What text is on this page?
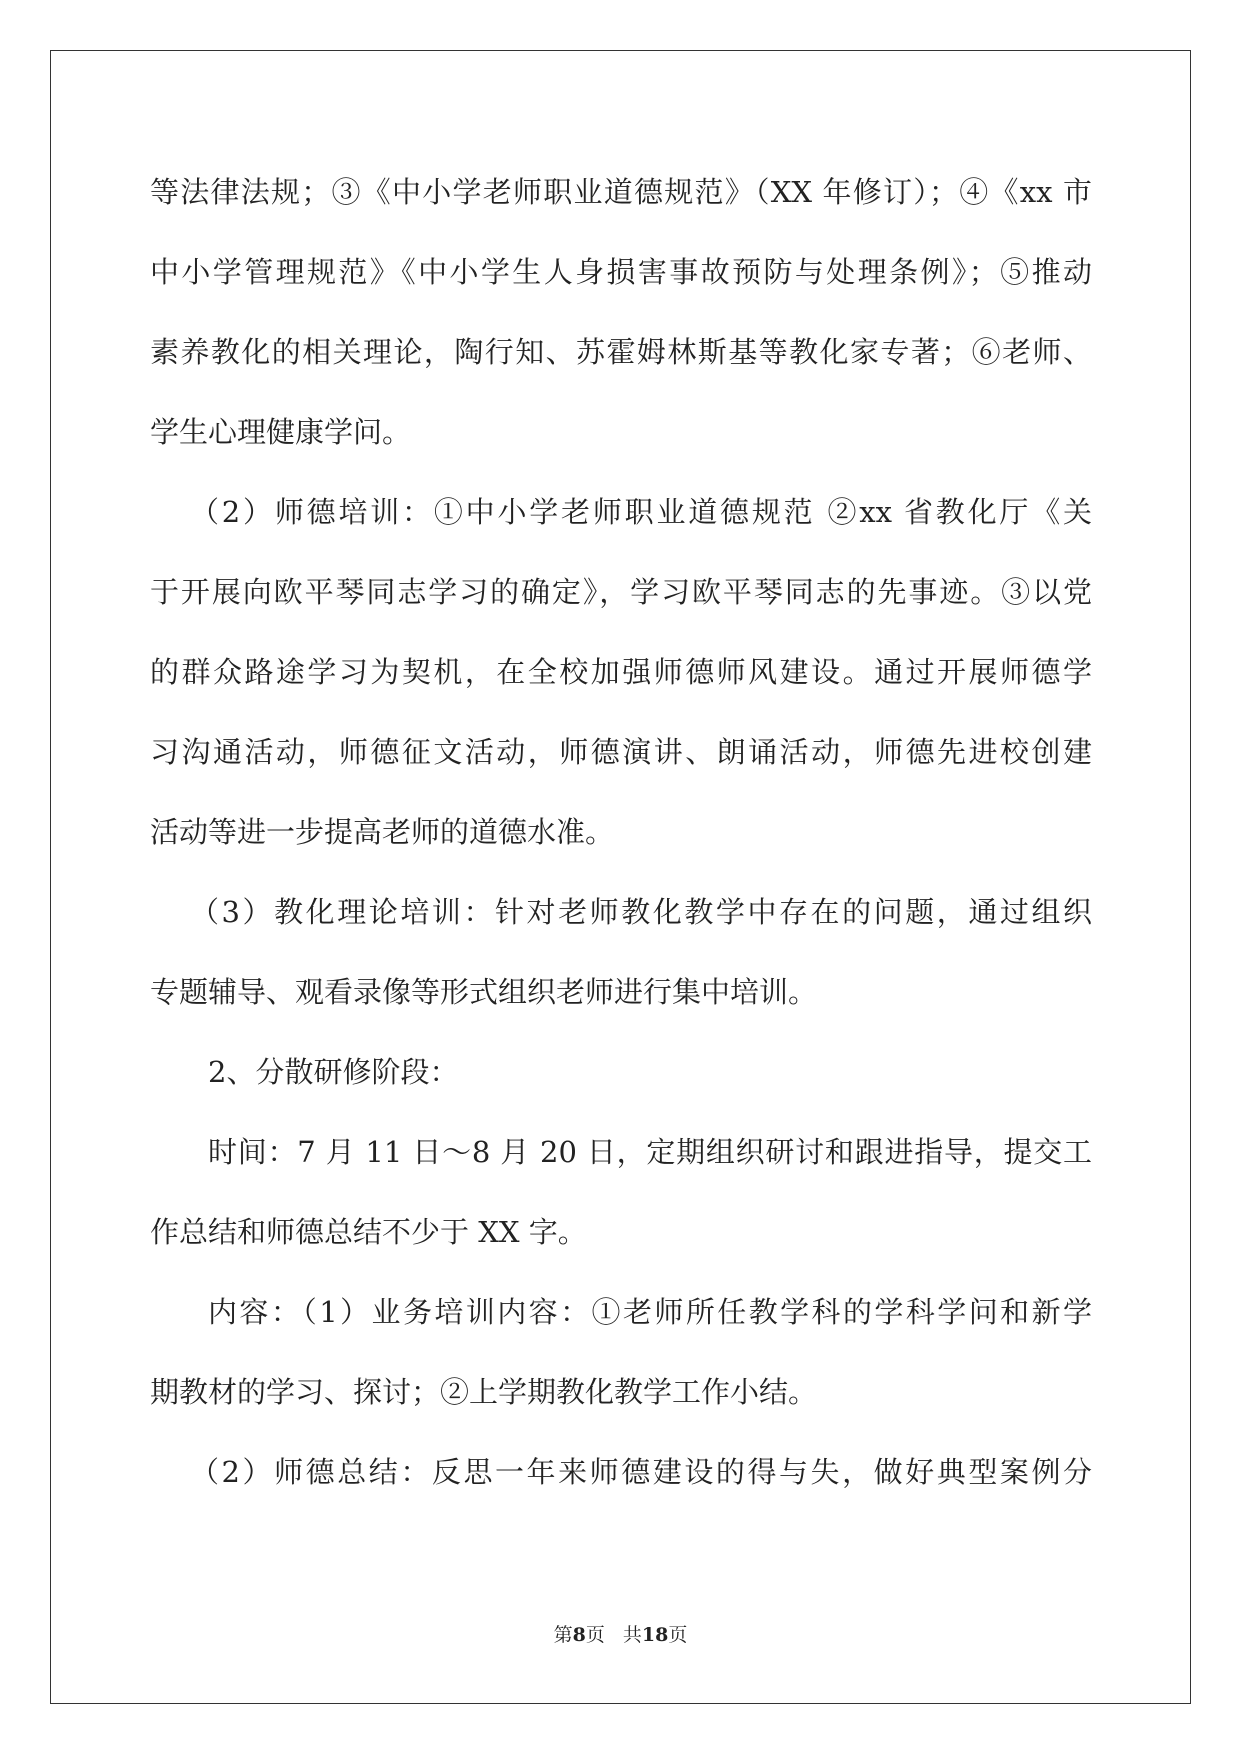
等法律法规；③《中小学老师职业道德规范》（XX 年修订）；④《xx 市
中小学管理规范》《中小学生人身损害事故预防与处理条例》；⑤推动
素养教化的相关理论，陶行知、苏霍姆林斯基等教化家专著；⑥老师、
学生心理健康学问。
（2）师德培训：①中小学老师职业道德规范 ②xx 省教化厅《关
于开展向欧平琴同志学习的确定》，学习欧平琴同志的先事迹。③以党
的群众路途学习为契机，在全校加强师德师风建设。通过开展师德学
习沟通活动，师德征文活动，师德演讲、朗诵活动，师德先进校创建
活动等进一步提高老师的道德水准。
（3）教化理论培训：针对老师教化教学中存在的问题，通过组织
专题辅导、观看录像等形式组织老师进行集中培训。
2、分散研修阶段：
时间：7 月 11 日～8 月 20 日，定期组织研讨和跟进指导，提交工
作总结和师德总结不少于 XX 字。
内容：（1）业务培训内容：①老师所任教学科的学科学问和新学
期教材的学习、探讨；②上学期教化教学工作小结。
（2）师德总结：反思一年来师德建设的得与失，做好典型案例分
第8页 共18页
